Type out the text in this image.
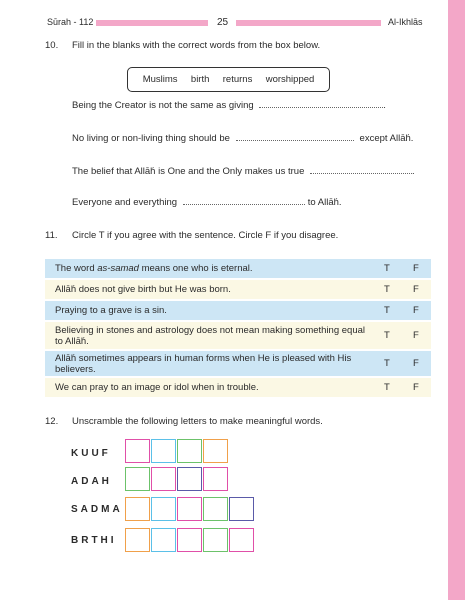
Sūrah - 112	25	Al-Ikhlās
10. Fill in the blanks with the correct words from the box below.
Muslims birth returns worshipped
Being the Creator is not the same as giving	.
No living or non-living thing should be	except Allāh́.
The belief that Allāh́ is One and the Only makes us true	.
Everyone and everything	to Allāh́.
11. Circle T if you agree with the sentence. Circle F if you disagree.
The word as-samad means one who is eternal.	T F
Allāh́ does not give birth but He was born.	T F
Praying to a grave is a sin.	T F
Believing in stones and astrology does not mean making something equal to Allāh́.	T F
Allāh́ sometimes appears in human forms when He is pleased with His believers.	T F
We can pray to an image or idol when in trouble.	T F
12. Unscramble the following letters to make meaningful words.
KUUF
ADAH
SADMA
BRTHI
